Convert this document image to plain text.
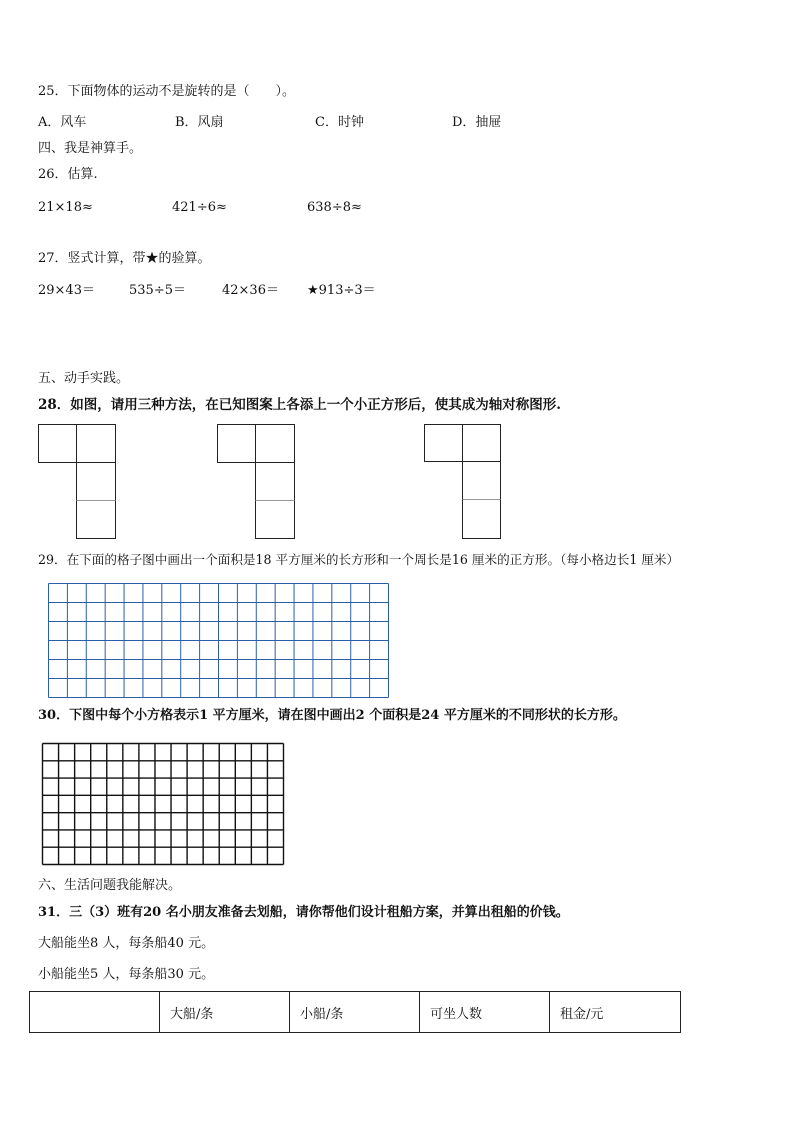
25．下面物体的运动不是旋转的是（　　）。
A．风车	B．风扇	C．时钟	D．抽屉
四、我是神算手。
26．估算.
21×18≈	421÷6≈	638÷8≈
27．竖式计算，带★的验算。
29×43＝	535÷5＝	42×36＝ ★913÷3＝
五、动手实践。
28．如图，请用三种方法，在已知图案上各添上一个小正方形后，使其成为轴对称图形.
29．在下面的格子图中画出一个面积是18 平方厘米的长方形和一个周长是16 厘米的正方形。（每小格边长1 厘米）
30．下图中每个小方格表示1 平方厘米，请在图中画出2 个面积是24 平方厘米的不同形状的长方形。
六、生活问题我能解决。
31．三（3）班有20 名小朋友准备去划船，请你帮他们设计租船方案，并算出租船的价钱。
大船能坐8 人，每条船40 元。
小船能坐5 人，每条船30 元。
	大船/条	小船/条	可坐人数	租金/元
